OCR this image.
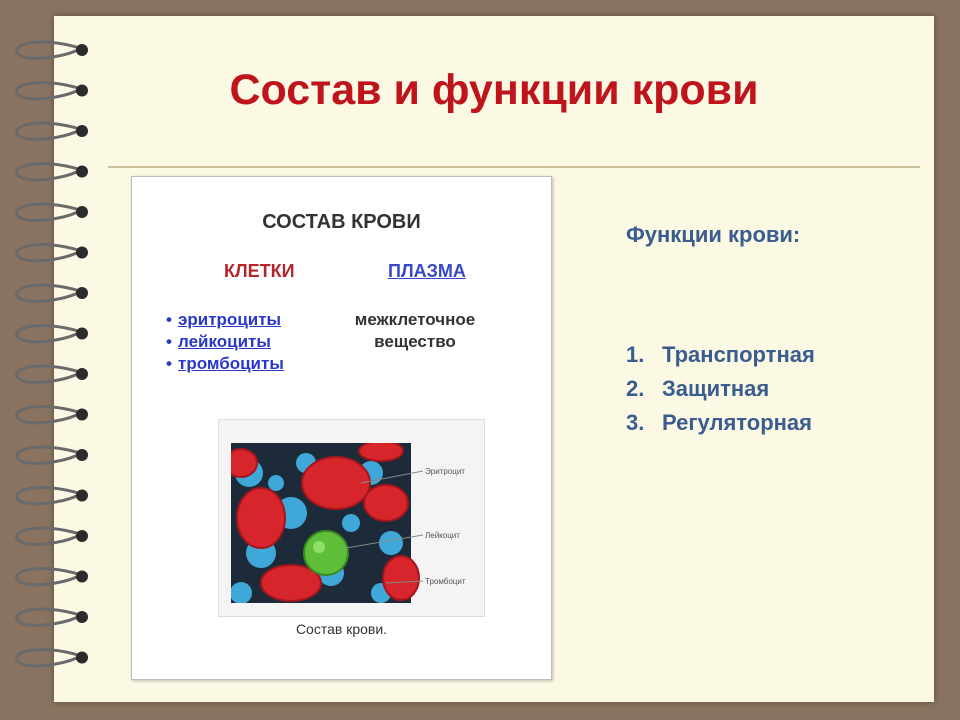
Состав и функции крови
СОСТАВ КРОВИ
КЛЕТКИ	ПЛАЗМА
• эритроциты
• лейкоциты
• тромбоциты
межклеточное вещество
Эритроцит
Лейкоцит
Тромбоцит
Состав крови.
Функции крови:
1. Транспортная
2. Защитная
3. Регуляторная
